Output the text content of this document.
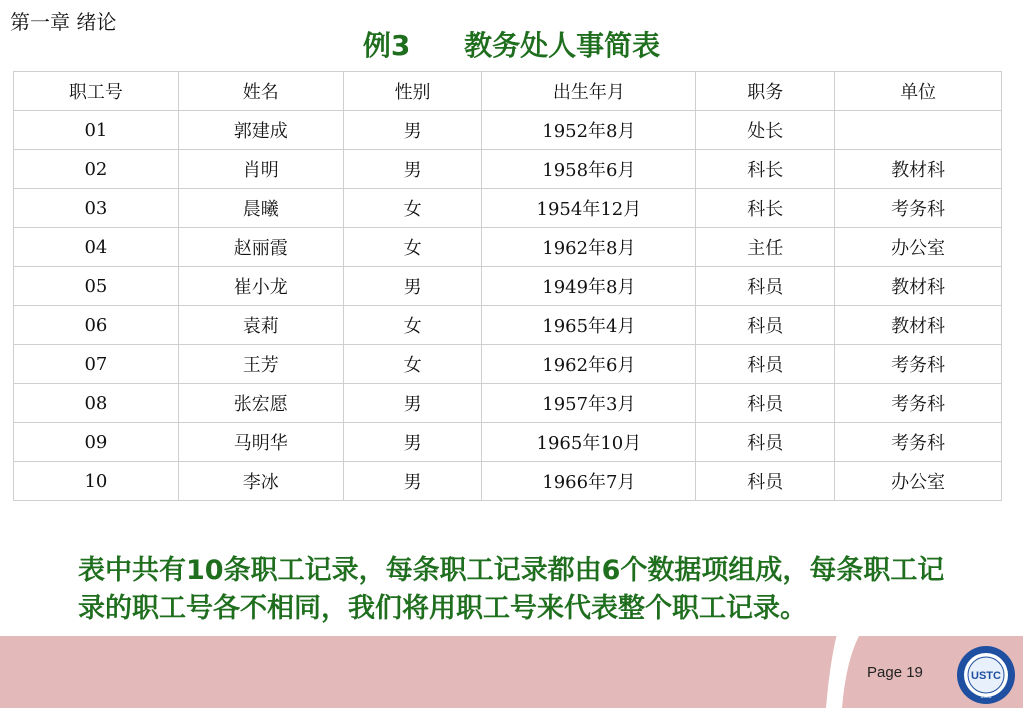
第一章 绪论
例3 教务处人事简表
职工号	姓名	性别	出生年月	职务	单位
01	郭建成	男	1952年8月	处长	
02	肖明	男	1958年6月	科长	教材科
03	晨曦	女	1954年12月	科长	考务科
04	赵丽霞	女	1962年8月	主任	办公室
05	崔小龙	男	1949年8月	科员	教材科
06	袁莉	女	1965年4月	科员	教材科
07	王芳	女	1962年6月	科员	考务科
08	张宏愿	男	1957年3月	科员	考务科
09	马明华	男	1965年10月	科员	考务科
10	李冰	男	1966年7月	科员	办公室
表中共有10条职工记录，每条职工记录都由6个数据项组成，每条职工记录的职工号各不相同，我们将用职工号来代表整个职工记录。
Page 19	USTC
1958
